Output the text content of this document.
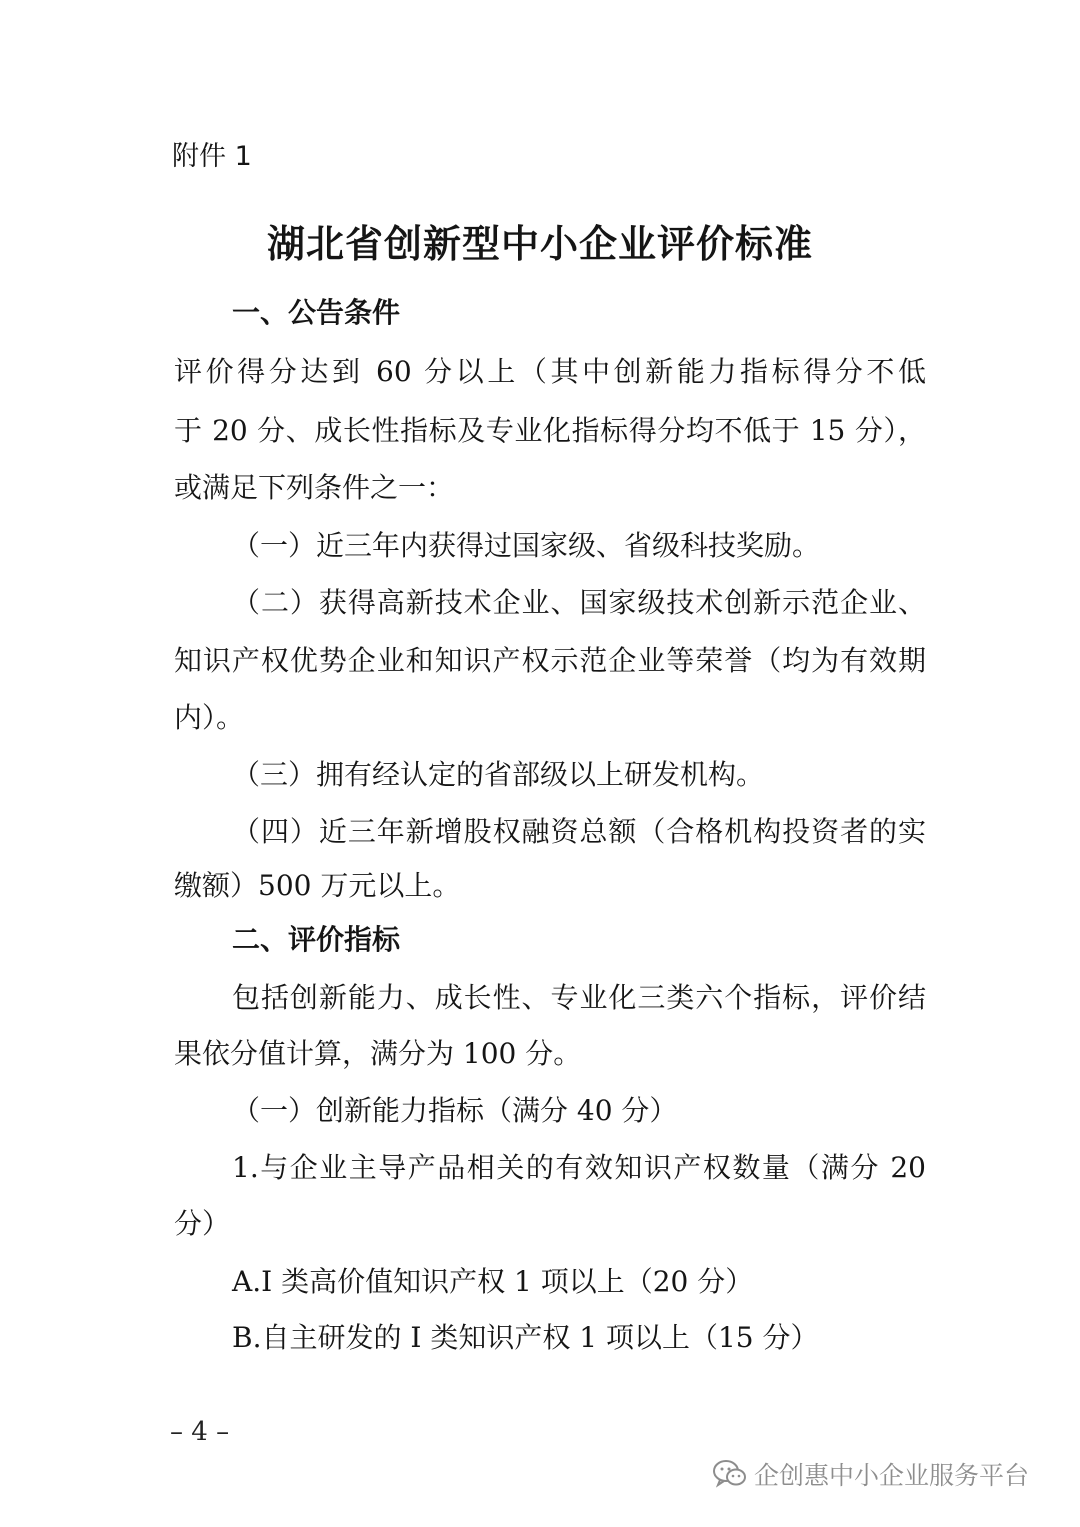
附件 1
湖北省创新型中小企业评价标准
一、公告条件
评价得分达到 60 分以上（其中创新能力指标得分不低
于 20 分、成长性指标及专业化指标得分均不低于 15 分），
或满足下列条件之一：
（一）近三年内获得过国家级、省级科技奖励。
（二）获得高新技术企业、国家级技术创新示范企业、
知识产权优势企业和知识产权示范企业等荣誉（均为有效期
内）。
（三）拥有经认定的省部级以上研发机构。
（四）近三年新增股权融资总额（合格机构投资者的实
缴额）500 万元以上。
二、评价指标
包括创新能力、成长性、专业化三类六个指标，评价结
果依分值计算，满分为 100 分。
（一）创新能力指标（满分 40 分）
1.与企业主导产品相关的有效知识产权数量（满分 20
分）
A.I 类高价值知识产权 1 项以上（20 分）
B.自主研发的 I 类知识产权 1 项以上（15 分）
– 4 –
企创惠中小企业服务平台
